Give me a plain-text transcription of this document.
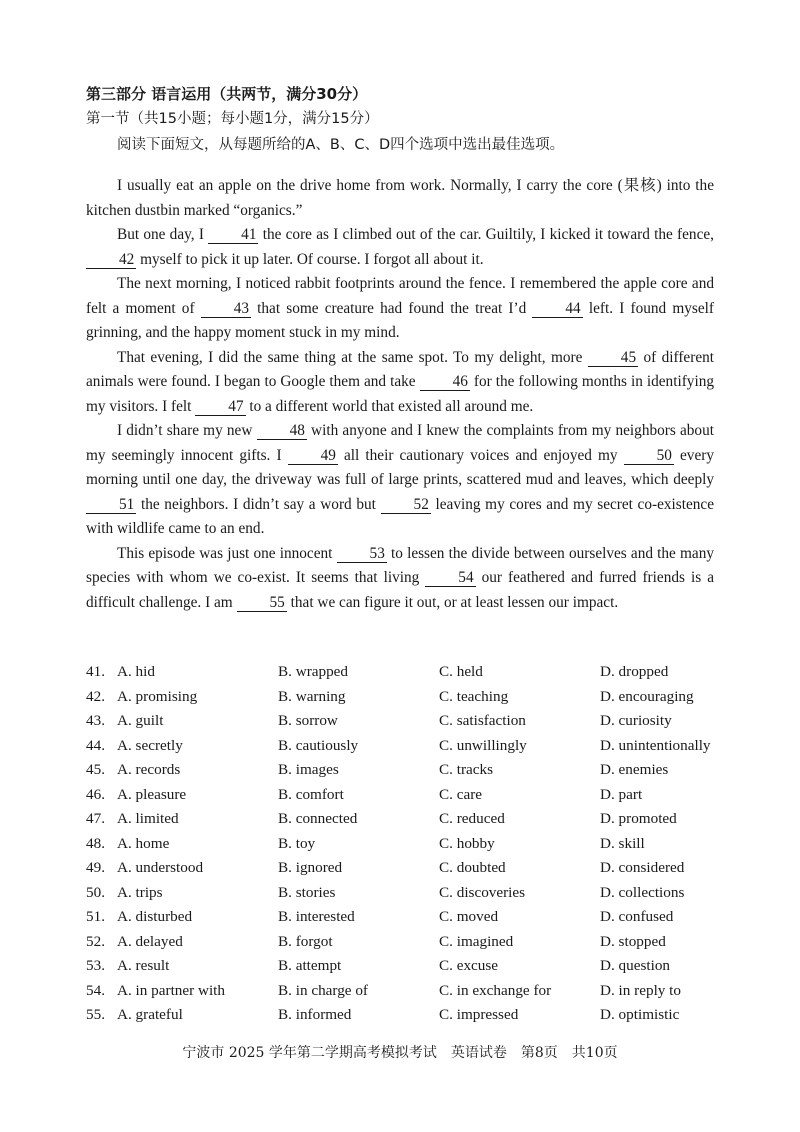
第三部分 语言运用（共两节，满分30分）
第一节（共15小题；每小题1分，满分15分）
阅读下面短文，从每题所给的A、B、C、D四个选项中选出最佳选项。

I usually eat an apple on the drive home from work. Normally, I carry the core (果核) into the kitchen dustbin marked “organics.”

But one day, I 41 the core as I climbed out of the car. Guiltily, I kicked it toward the fence, 42 myself to pick it up later. Of course. I forgot all about it.

The next morning, I noticed rabbit footprints around the fence. I remembered the apple core and felt a moment of 43 that some creature had found the treat I’d 44 left. I found myself grinning, and the happy moment stuck in my mind.

That evening, I did the same thing at the same spot. To my delight, more 45 of different animals were found. I began to Google them and take 46 for the following months in identifying my visitors. I felt 47 to a different world that existed all around me.

I didn’t share my new 48 with anyone and I knew the complaints from my neighbors about my seemingly innocent gifts. I 49 all their cautionary voices and enjoyed my 50 every morning until one day, the driveway was full of large prints, scattered mud and leaves, which deeply 51 the neighbors. I didn’t say a word but 52 leaving my cores and my secret co-existence with wildlife came to an end.

This episode was just one innocent 53 to lessen the divide between ourselves and the many species with whom we co-exist. It seems that living 54 our feathered and furred friends is a difficult challenge. I am 55 that we can figure it out, or at least lessen our impact.

41. A. hid	B. wrapped	C. held	D. dropped
42. A. promising	B. warning	C. teaching	D. encouraging
43. A. guilt	B. sorrow	C. satisfaction	D. curiosity
44. A. secretly	B. cautiously	C. unwillingly	D. unintentionally
45. A. records	B. images	C. tracks	D. enemies
46. A. pleasure	B. comfort	C. care	D. part
47. A. limited	B. connected	C. reduced	D. promoted
48. A. home	B. toy	C. hobby	D. skill
49. A. understood	B. ignored	C. doubted	D. considered
50. A. trips	B. stories	C. discoveries	D. collections
51. A. disturbed	B. interested	C. moved	D. confused
52. A. delayed	B. forgot	C. imagined	D. stopped
53. A. result	B. attempt	C. excuse	D. question
54. A. in partner with	B. in charge of	C. in exchange for	D. in reply to
55. A. grateful	B. informed	C. impressed	D. optimistic
宁波市 2025 学年第二学期高考模拟考试　英语试卷　第8页　共10页
